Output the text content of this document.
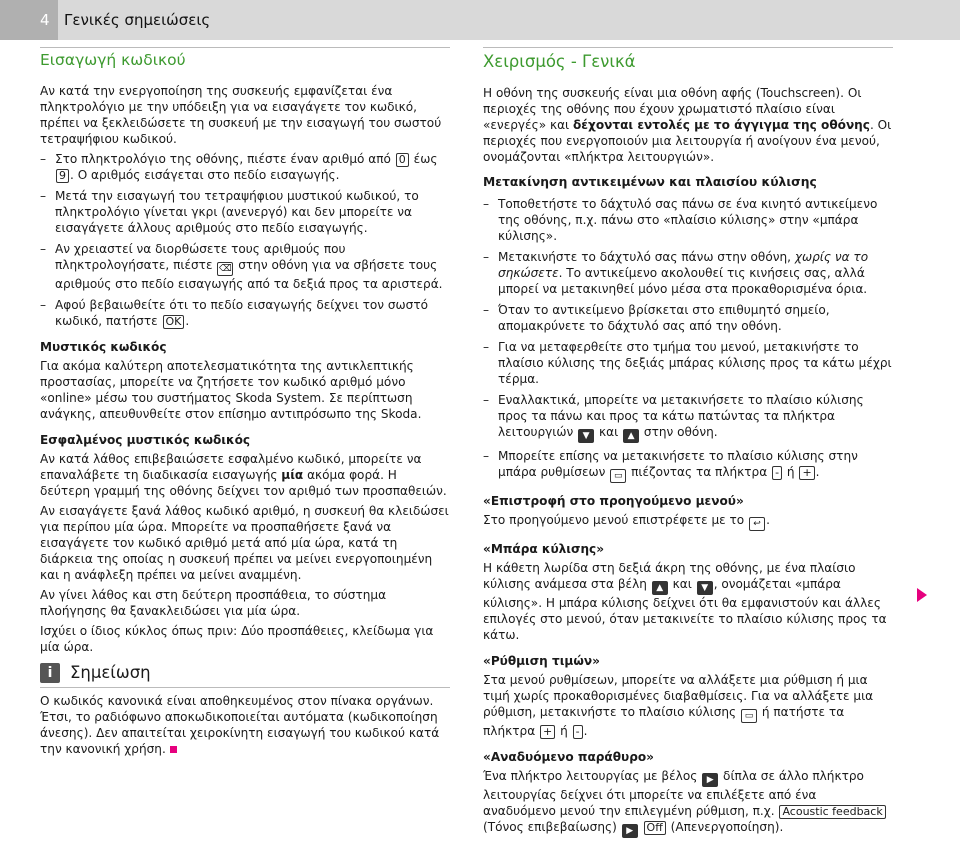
4 Γενικές σημειώσεις
Εισαγωγή κωδικού

Αν κατά την ενεργοποίηση της συσκευής εμφανίζεται ένα πληκτρολόγιο με την υπόδειξη για να εισαγάγετε τον κωδικό, πρέπει να ξεκλειδώσετε τη συσκευή με την εισαγωγή του σωστού τετραψήφιου κωδικού.

– Στο πληκτρολόγιο της οθόνης, πιέστε έναν αριθμό από 0 έως 9 . Ο αριθμός εισάγεται στο πεδίο εισαγωγής.
– Μετά την εισαγωγή του τετραψήφιου μυστικού κωδικού, το πληκτρολόγιο γίνεται γκρι (ανενεργό) και δεν μπορείτε να εισαγάγετε άλλους αριθμούς στο πεδίο εισαγωγής.
– Αν χρειαστεί να διορθώσετε τους αριθμούς που πληκτρολογήσατε, πιέστε ⌫ στην οθόνη για να σβήσετε τους αριθμούς στο πεδίο εισαγωγής από τα δεξιά προς τα αριστερά.
– Αφού βεβαιωθείτε ότι το πεδίο εισαγωγής δείχνει τον σωστό κωδικό, πατήστε OK .
Μυστικός κωδικός

Για ακόμα καλύτερη αποτελεσματικότητα της αντικλεπτικής προστασίας, μπορείτε να ζητήσετε τον κωδικό αριθμό μόνο «online» μέσω του συστήματος Skoda System. Σε περίπτωση ανάγκης, απευθυνθείτε στον επίσημο αντιπρόσωπο της Skoda.

Εσφαλμένος μυστικός κωδικός

Αν κατά λάθος επιβεβαιώσετε εσφαλμένο κωδικό, μπορείτε να επαναλάβετε τη διαδικασία εισαγωγής μία ακόμα φορά. Η δεύτερη γραμμή της οθόνης δείχνει τον αριθμό των προσπαθειών.

Αν εισαγάγετε ξανά λάθος κωδικό αριθμό, η συσκευή θα κλειδώσει για περίπου μία ώρα. Μπορείτε να προσπαθήσετε ξανά να εισαγάγετε τον κωδικό αριθμό μετά από μία ώρα, κατά τη διάρκεια της οποίας η συσκευή πρέπει να μείνει ενεργοποιημένη και η ανάφλεξη πρέπει να μείνει αναμμένη.

Αν γίνει λάθος και στη δεύτερη προσπάθεια, το σύστημα πλοήγησης θα ξανακλειδώσει για μία ώρα.

Ισχύει ο ίδιος κύκλος όπως πριν: Δύο προσπάθειες, κλείδωμα για μία ώρα.

i	Σημείωση

Ο κωδικός κανονικά είναι αποθηκευμένος στον πίνακα οργάνων. Έτσι, το ραδιόφωνο αποκωδικοποιείται αυτόματα (κωδικοποίηση άνεσης). Δεν απαιτείται χειροκίνητη εισαγωγή του κωδικού κατά την κανονική χρήση.

Χειρισμός - Γενικά

Η οθόνη της συσκευής είναι μια οθόνη αφής (Touchscreen). Οι περιοχές της οθόνης που έχουν χρωματιστό πλαίσιο είναι «ενεργές» και δέχονται εντολές με το άγγιγμα της οθόνης. Οι περιοχές που ενεργοποιούν μια λειτουργία ή ανοίγουν ένα μενού, ονομάζονται «πλήκτρα λειτουργιών».

Μετακίνηση αντικειμένων και πλαισίου κύλισης
– Τοποθετήστε το δάχτυλό σας πάνω σε ένα κινητό αντικείμενο της οθόνης, π.χ. πάνω στο «πλαίσιο κύλισης» στην «μπάρα κύλισης».
– Μετακινήστε το δάχτυλό σας πάνω στην οθόνη, χωρίς να το σηκώσετε. Το αντικείμενο ακολουθεί τις κινήσεις σας, αλλά μπορεί να μετακινηθεί μόνο μέσα στα προκαθορισμένα όρια.
– Όταν το αντικείμενο βρίσκεται στο επιθυμητό σημείο, απομακρύνετε το δάχτυλό σας από την οθόνη.
– Για να μεταφερθείτε στο τμήμα του μενού, μετακινήστε το πλαίσιο κύλισης της δεξιάς μπάρας κύλισης προς τα κάτω μέχρι τέρμα.
– Εναλλακτικά, μπορείτε να μετακινήσετε το πλαίσιο κύλισης προς τα πάνω και προς τα κάτω πατώντας τα πλήκτρα λειτουργιών ▼ και ▲ στην οθόνη.
– Μπορείτε επίσης να μετακινήσετε το πλαίσιο κύλισης στην μπάρα ρυθμίσεων ▭ πιέζοντας τα πλήκτρα - ή + .
«Επιστροφή στο προηγούμενο μενού»

Στο προηγούμενο μενού επιστρέφετε με το ↩ .

«Μπάρα κύλισης»

Η κάθετη λωρίδα στη δεξιά άκρη της οθόνης, με ένα πλαίσιο κύλισης ανάμεσα στα βέλη ▲ και ▼ , ονομάζεται «μπάρα κύλισης». Η μπάρα κύλισης δείχνει ότι θα εμφανιστούν και άλλες επιλογές στο μενού, όταν μετακινείτε το πλαίσιο κύλισης προς τα κάτω.

«Ρύθμιση τιμών»

Στα μενού ρυθμίσεων, μπορείτε να αλλάξετε μια ρύθμιση ή μια τιμή χωρίς προκαθορισμένες διαβαθμίσεις. Για να αλλάξετε μια ρύθμιση, μετακινήστε το πλαίσιο κύλισης ▭ ή πατήστε τα πλήκτρα + ή - .

«Αναδυόμενο παράθυρο»

Ένα πλήκτρο λειτουργίας με βέλος ▶ δίπλα σε άλλο πλήκτρο λειτουργίας δείχνει ότι μπορείτε να επιλέξετε από ένα αναδυόμενο μενού την επιλεγμένη ρύθμιση, π.χ. Acoustic feedback (Τόνος επιβεβαίωσης) ▶ Off (Απενεργοποίηση).
